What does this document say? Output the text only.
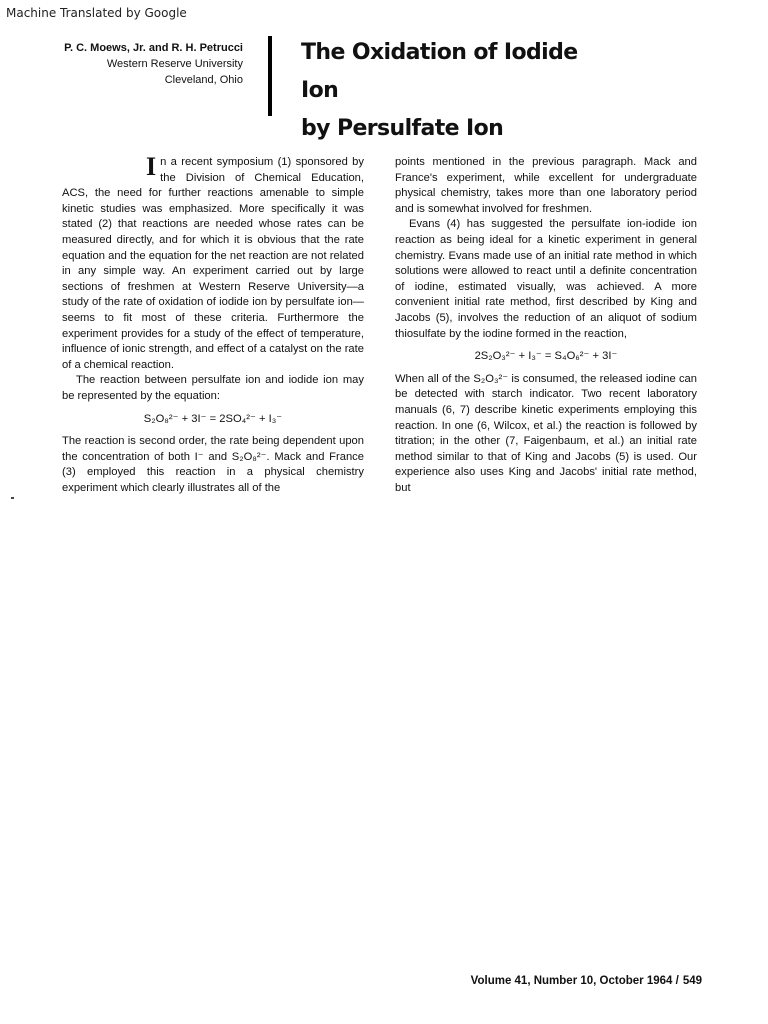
Machine Translated by Google
P. C. Moews, Jr. and R. H. Petrucci
Western Reserve University
Cleveland, Ohio
The Oxidation of Iodide Ion
by Persulfate Ion

In a recent symposium (1) sponsored by the Division of Chemical Education, ACS, the need for further reactions amenable to simple kinetic studies was emphasized. More specifically it was stated (2) that reactions are needed whose rates can be measured directly, and for which it is obvious that the rate equation and the equation for the net reaction are not related in any simple way. An experiment carried out by large sections of freshmen at Western Reserve University—a study of the rate of oxidation of iodide ion by persulfate ion—seems to fit most of these criteria. Furthermore the experiment provides for a study of the effect of temperature, influence of ionic strength, and effect of a catalyst on the rate of a chemical reaction.

The reaction between persulfate ion and iodide ion may be represented by the equation:

S₂O₈²⁻ + 3I⁻ = 2SO₄²⁻ + I₃⁻

The reaction is second order, the rate being dependent upon the concentration of both I⁻ and S₂O₈²⁻. Mack and France (3) employed this reaction in a physical chemistry experiment which clearly illustrates all of the

points mentioned in the previous paragraph. Mack and France's experiment, while excellent for undergraduate physical chemistry, takes more than one laboratory period and is somewhat involved for freshmen.

Evans (4) has suggested the persulfate ion-iodide ion reaction as being ideal for a kinetic experiment in general chemistry. Evans made use of an initial rate method in which solutions were allowed to react until a definite concentration of iodine, estimated visually, was achieved. A more convenient initial rate method, first described by King and Jacobs (5), involves the reduction of an aliquot of sodium thiosulfate by the iodine formed in the reaction,

2S₂O₃²⁻ + I₃⁻ = S₄O₆²⁻ + 3I⁻

When all of the S₂O₃²⁻ is consumed, the released iodine can be detected with starch indicator. Two recent laboratory manuals (6, 7) describe kinetic experiments employing this reaction. In one (6, Wilcox, et al.) the reaction is followed by titration; in the other (7, Faigenbaum, et al.) an initial rate method similar to that of King and Jacobs (5) is used. Our experience also uses King and Jacobs' initial rate method, but

Volume 41, Number 10, October 1964 / 549
